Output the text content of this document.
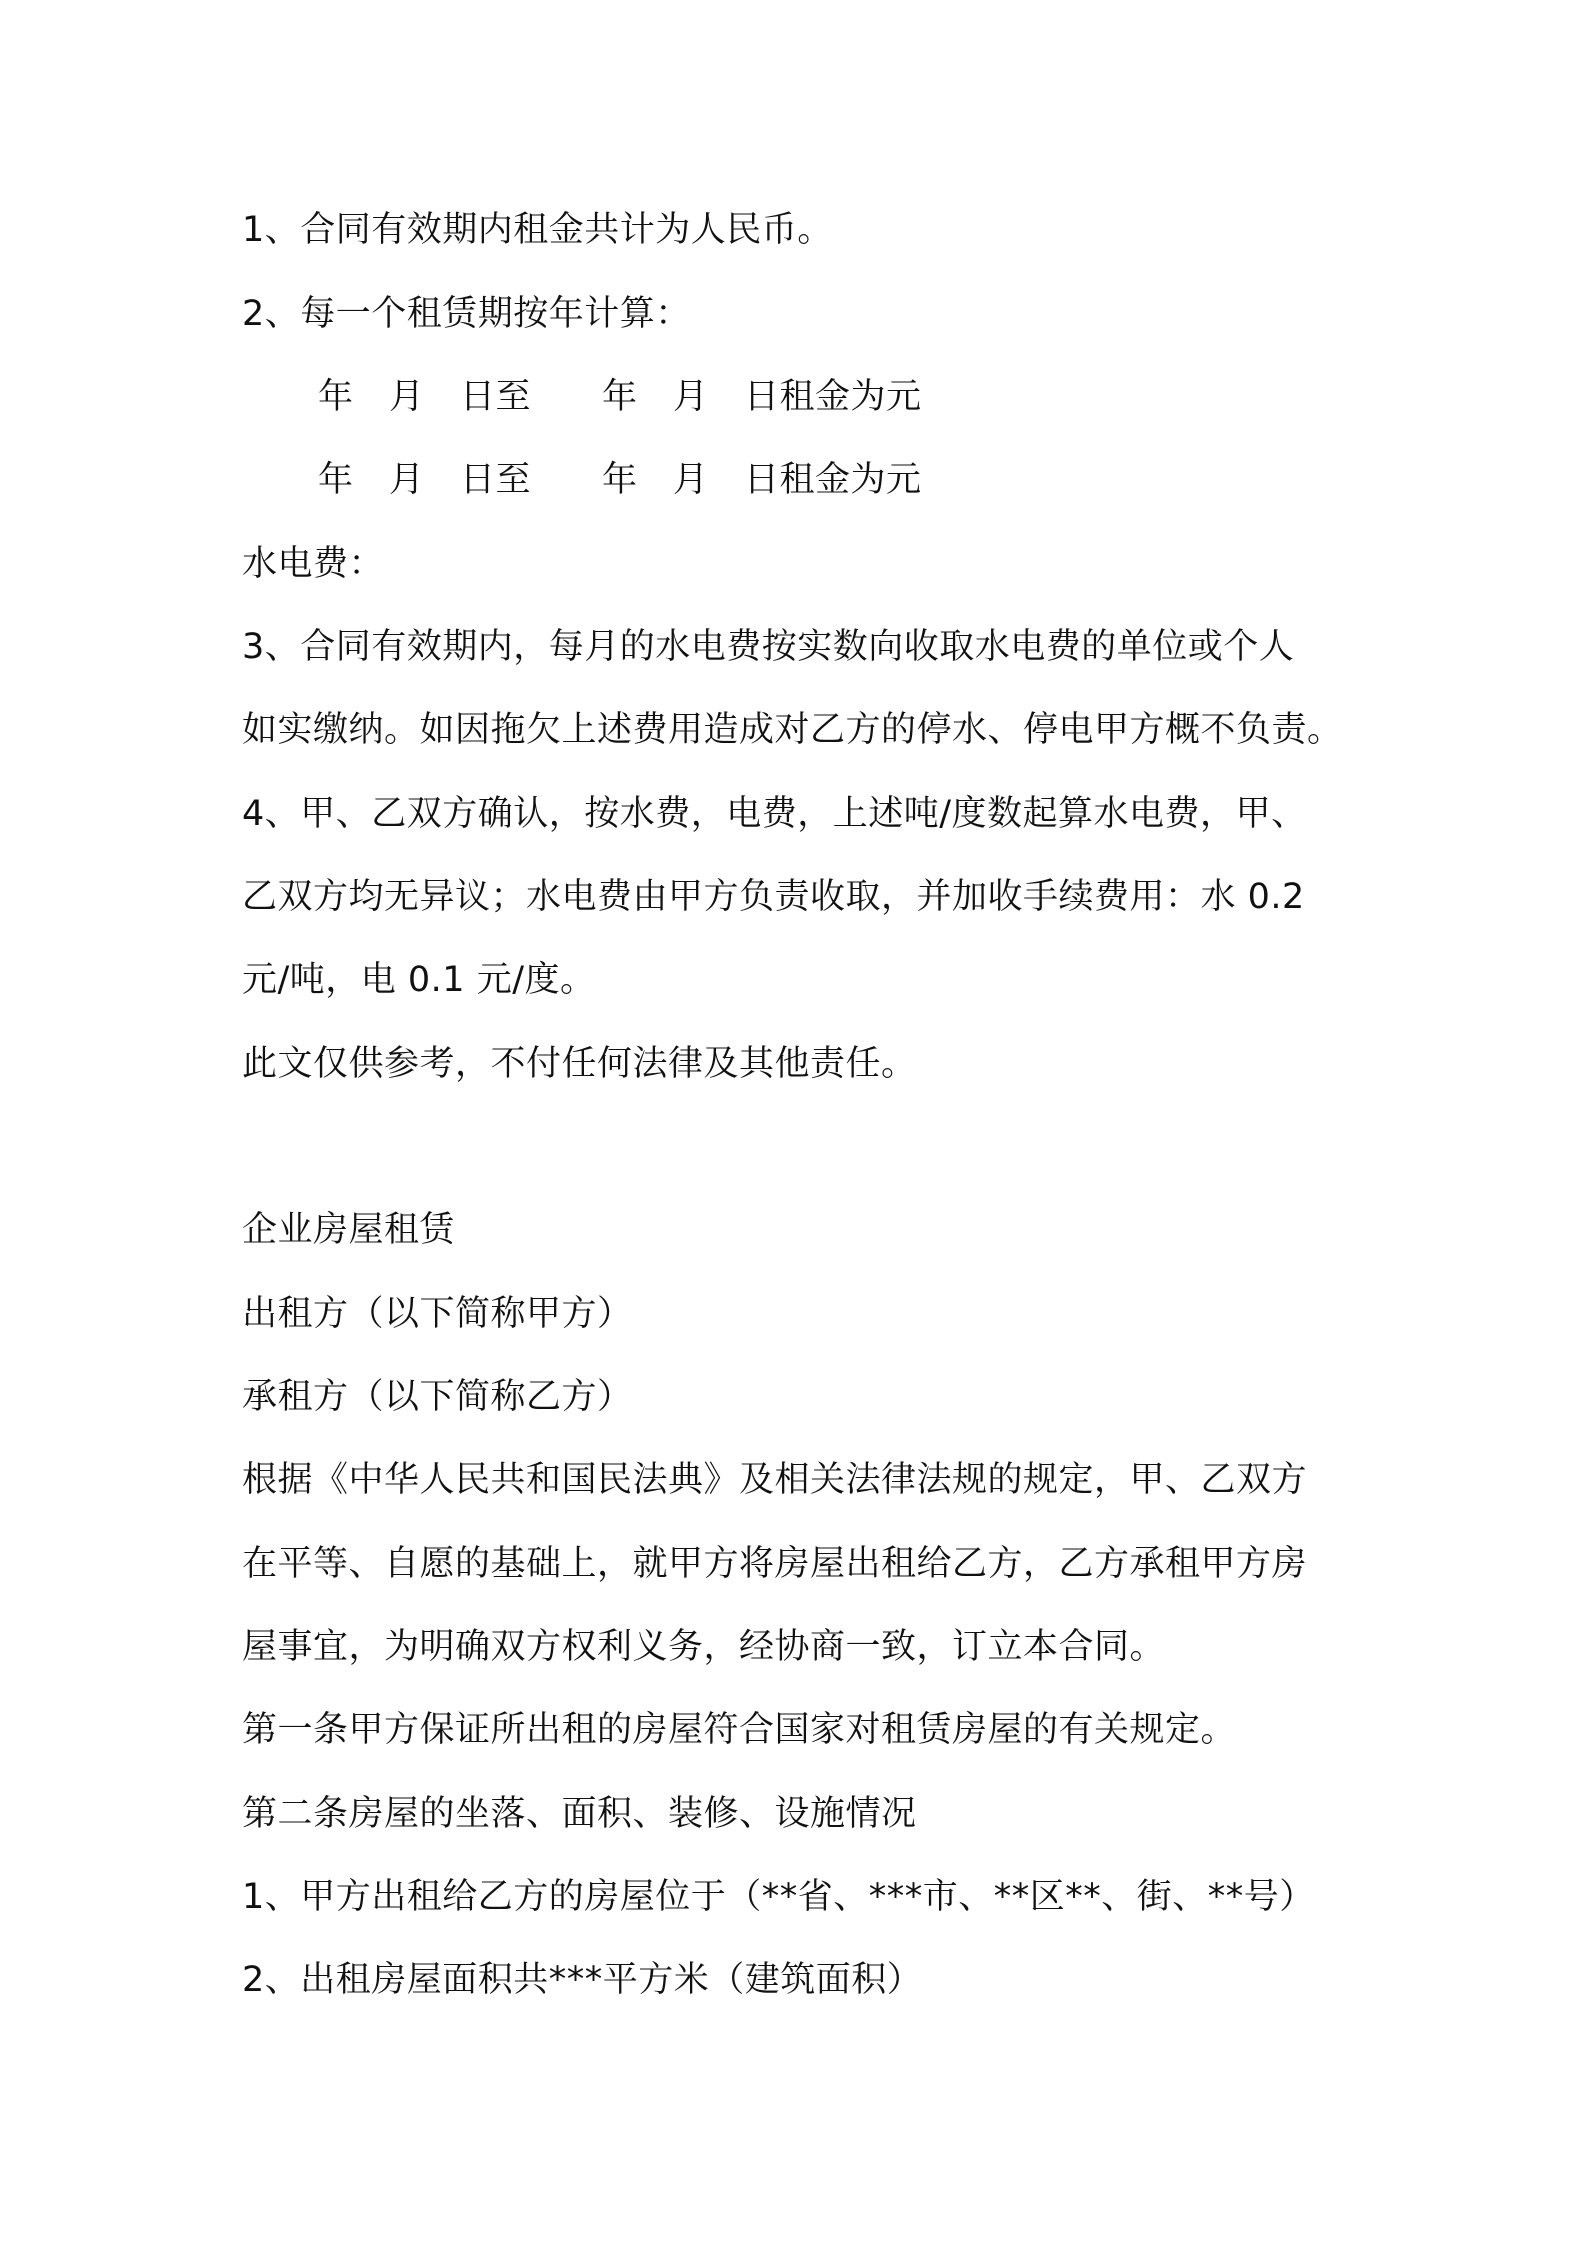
1、合同有效期内租金共计为人民币。
2、每一个租赁期按年计算：
年　月　日至　　年　月　日租金为元
年　月　日至　　年　月　日租金为元
水电费：
3、合同有效期内，每月的水电费按实数向收取水电费的单位或个人
如实缴纳。如因拖欠上述费用造成对乙方的停水、停电甲方概不负责。
4、甲、乙双方确认，按水费，电费，上述吨/度数起算水电费，甲、
乙双方均无异议；水电费由甲方负责收取，并加收手续费用：水 0.2
元/吨，电 0.1 元/度。
此文仅供参考，不付任何法律及其他责任。
企业房屋租赁
出租方（以下简称甲方）
承租方（以下简称乙方）
根据《中华人民共和国民法典》及相关法律法规的规定，甲、乙双方
在平等、自愿的基础上，就甲方将房屋出租给乙方，乙方承租甲方房
屋事宜，为明确双方权利义务，经协商一致，订立本合同。
第一条甲方保证所出租的房屋符合国家对租赁房屋的有关规定。
第二条房屋的坐落、面积、装修、设施情况
1、甲方出租给乙方的房屋位于（**省、***市、**区**、街、**号）
2、出租房屋面积共***平方米（建筑面积）
